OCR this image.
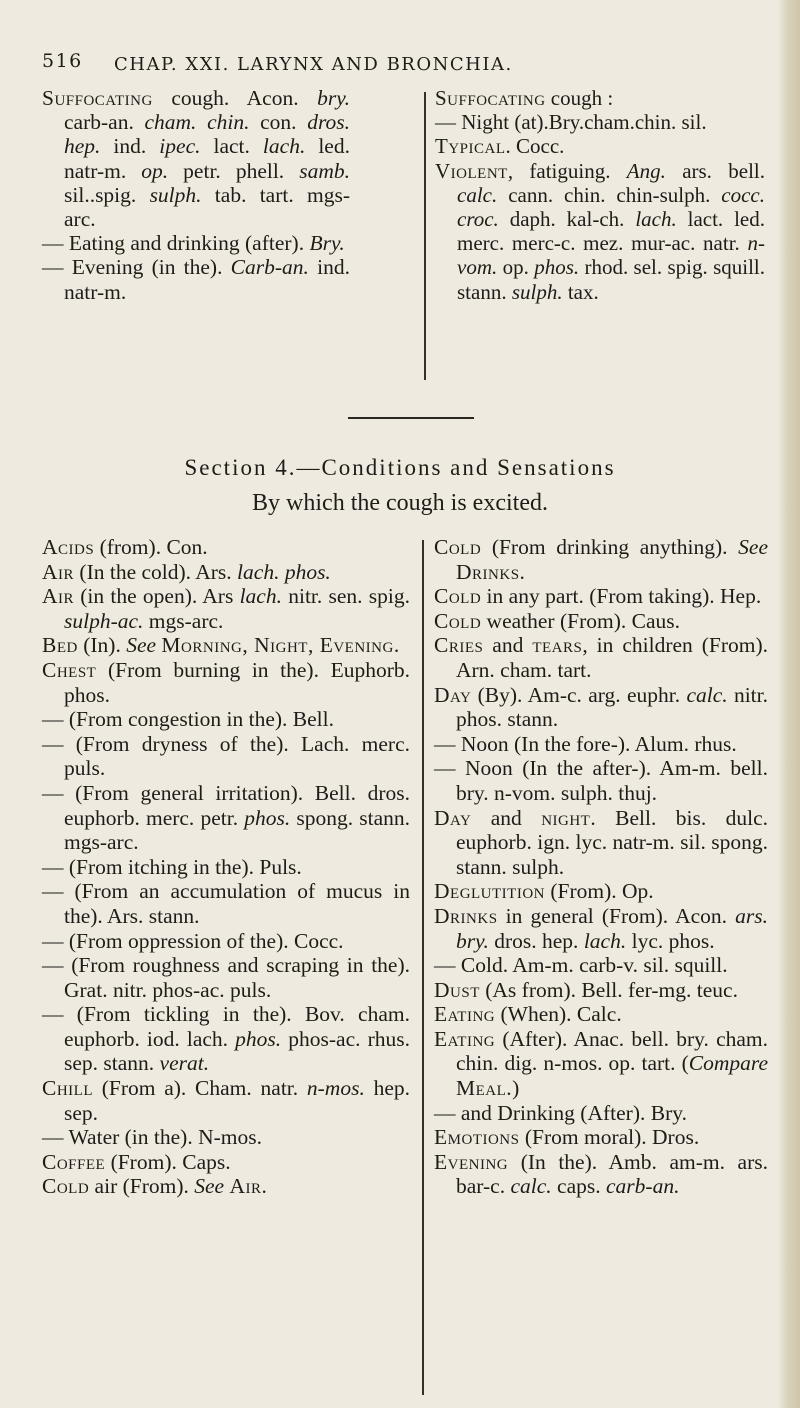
516 CHAP. XXI. LARYNX AND BRONCHIA.

Suffocating cough. Acon. bry. carb-an. cham. chin. con. dros. hep. ind. ipec. lact. lach. led. natr-m. op. petr. phell. samb. sil..spig. sulph. tab. tart. mgs-arc.

— Eating and drinking (after). Bry.

— Evening (in the). Carb-an. ind. natr-m.

Suffocating cough :

— Night (at).Bry.cham.chin. sil.

Typical. Cocc.

Violent, fatiguing. Ang. ars. bell. calc. cann. chin. chin-sulph. cocc. croc. daph. kal-ch. lach. lact. led. merc. merc-c. mez. mur-ac. natr. n-vom. op. phos. rhod. sel. spig. squill. stann. sulph. tax.

Section 4.—Conditions and Sensations
By which the cough is excited.

Acids (from). Con.

Air (In the cold). Ars. lach. phos.

Air (in the open). Ars lach. nitr. sen. spig. sulph-ac. mgs-arc.

Bed (In). See Morning, Night, Evening.

Chest (From burning in the). Euphorb. phos.

— (From congestion in the). Bell.

— (From dryness of the). Lach. merc. puls.

— (From general irritation). Bell. dros. euphorb. merc. petr. phos. spong. stann. mgs-arc.

— (From itching in the). Puls.

— (From an accumulation of mucus in the). Ars. stann.

— (From oppression of the). Cocc.

— (From roughness and scraping in the). Grat. nitr. phos-ac. puls.

— (From tickling in the). Bov. cham. euphorb. iod. lach. phos. phos-ac. rhus. sep. stann. verat.

Chill (From a). Cham. natr. n-mos. hep. sep.

— Water (in the). N-mos.

Coffee (From). Caps.

Cold air (From). See Air.

Cold (From drinking anything). See Drinks.

Cold in any part. (From taking). Hep.

Cold weather (From). Caus.

Cries and tears, in children (From). Arn. cham. tart.

Day (By). Am-c. arg. euphr. calc. nitr. phos. stann.

— Noon (In the fore-). Alum. rhus.

— Noon (In the after-). Am-m. bell. bry. n-vom. sulph. thuj.

Day and night. Bell. bis. dulc. euphorb. ign. lyc. natr-m. sil. spong. stann. sulph.

Deglutition (From). Op.

Drinks in general (From). Acon. ars. bry. dros. hep. lach. lyc. phos.

— Cold. Am-m. carb-v. sil. squill.

Dust (As from). Bell. fer-mg. teuc.

Eating (When). Calc.

Eating (After). Anac. bell. bry. cham. chin. dig. n-mos. op. tart. (Compare Meal.)

— and Drinking (After). Bry.

Emotions (From moral). Dros.

Evening (In the). Amb. am-m. ars. bar-c. calc. caps. carb-an.
